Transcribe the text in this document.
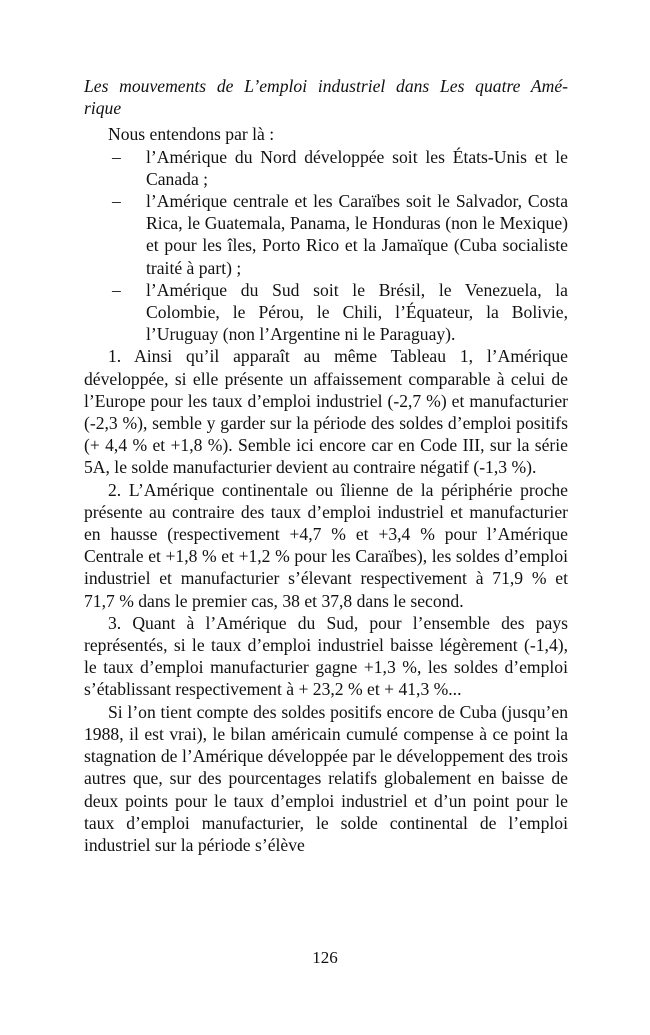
Les mouvements de L’emploi industriel dans Les quatre Amé-
rique

Nous entendons par là :

– l’Amérique du Nord développée soit les États-Unis et le Canada ;
– l’Amérique centrale et les Caraïbes soit le Salvador, Costa Rica, le Guatemala, Panama, le Honduras (non le Mexique) et pour les îles, Porto Rico et la Jamaïque (Cuba socialiste traité à part) ;
– l’Amérique du Sud soit le Brésil, le Venezuela, la Colombie, le Pérou, le Chili, l’Équateur, la Bolivie, l’Uruguay (non l’Argentine ni le Paraguay).

1. Ainsi qu’il apparaît au même Tableau 1, l’Amérique développée, si elle présente un affaissement comparable à celui de l’Europe pour les taux d’emploi industriel (-2,7 %) et manufacturier (-2,3 %), semble y garder sur la période des soldes d’emploi positifs (+ 4,4 % et +1,8 %). Semble ici encore car en Code III, sur la série 5A, le solde manufacturier devient au contraire négatif (-1,3 %).

2. L’Amérique continentale ou îlienne de la périphérie proche présente au contraire des taux d’emploi industriel et manufacturier en hausse (respectivement +4,7 % et +3,4 % pour l’Amérique Centrale et +1,8 % et +1,2 % pour les Caraïbes), les soldes d’emploi industriel et manufacturier s’élevant respectivement à 71,9 % et 71,7 % dans le premier cas, 38 et 37,8 dans le second.

3. Quant à l’Amérique du Sud, pour l’ensemble des pays représentés, si le taux d’emploi industriel baisse légèrement (-1,4), le taux d’emploi manufacturier gagne +1,3 %, les soldes d’emploi s’établissant respectivement à + 23,2 % et + 41,3 %...

Si l’on tient compte des soldes positifs encore de Cuba (jusqu’en 1988, il est vrai), le bilan américain cumulé compense à ce point la stagnation de l’Amérique développée par le développement des trois autres que, sur des pourcentages relatifs globalement en baisse de deux points pour le taux d’emploi industriel et d’un point pour le taux d’emploi manufacturier, le solde continental de l’emploi industriel sur la période s’élève

126
